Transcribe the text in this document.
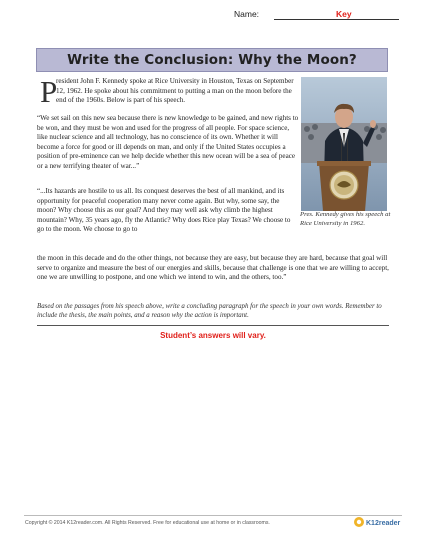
Name:	Key
Write the Conclusion: Why the Moon?
P

resident John F. Kennedy spoke at Rice University in Houston, Texas on September 12, 1962. He spoke about his commitment to putting a man on the moon before the end of the 1960s. Below is part of his speech.

Pres. Kennedy gives his speech at Rice University in 1962.

“We set sail on this new sea because there is new knowledge to be gained, and new rights to be won, and they must be won and used for the progress of all people. For space science, like nuclear science and all technology, has no conscience of its own. Whether it will become a force for good or ill depends on man, and only if the United States occupies a position of pre-eminence can we help decide whether this new ocean will be a sea of peace or a new terrifying theater of war...”

“...Its hazards are hostile to us all. Its conquest deserves the best of all mankind, and its opportunity for peaceful cooperation many never come again. But why, some say, the moon? Why choose this as our goal? And they may well ask why climb the highest mountain? Why, 35 years ago, fly the Atlantic? Why does Rice play Texas? We choose to go to the moon. We choose to go to

the moon in this decade and do the other things, not because they are easy, but because they are hard, because that goal will serve to organize and measure the best of our energies and skills, because that challenge is one that we are willing to accept, one we are unwilling to postpone, and one which we intend to win, and the others, too.”

Based on the passages from his speech above, write a concluding paragraph for the speech in your own words. Remember to include the thesis, the main points, and a reason why the action is important.

Student’s answers will vary.

Copyright © 2014 K12reader.com. All Rights Reserved. Free for educational use at home or in classrooms.	K12reader
